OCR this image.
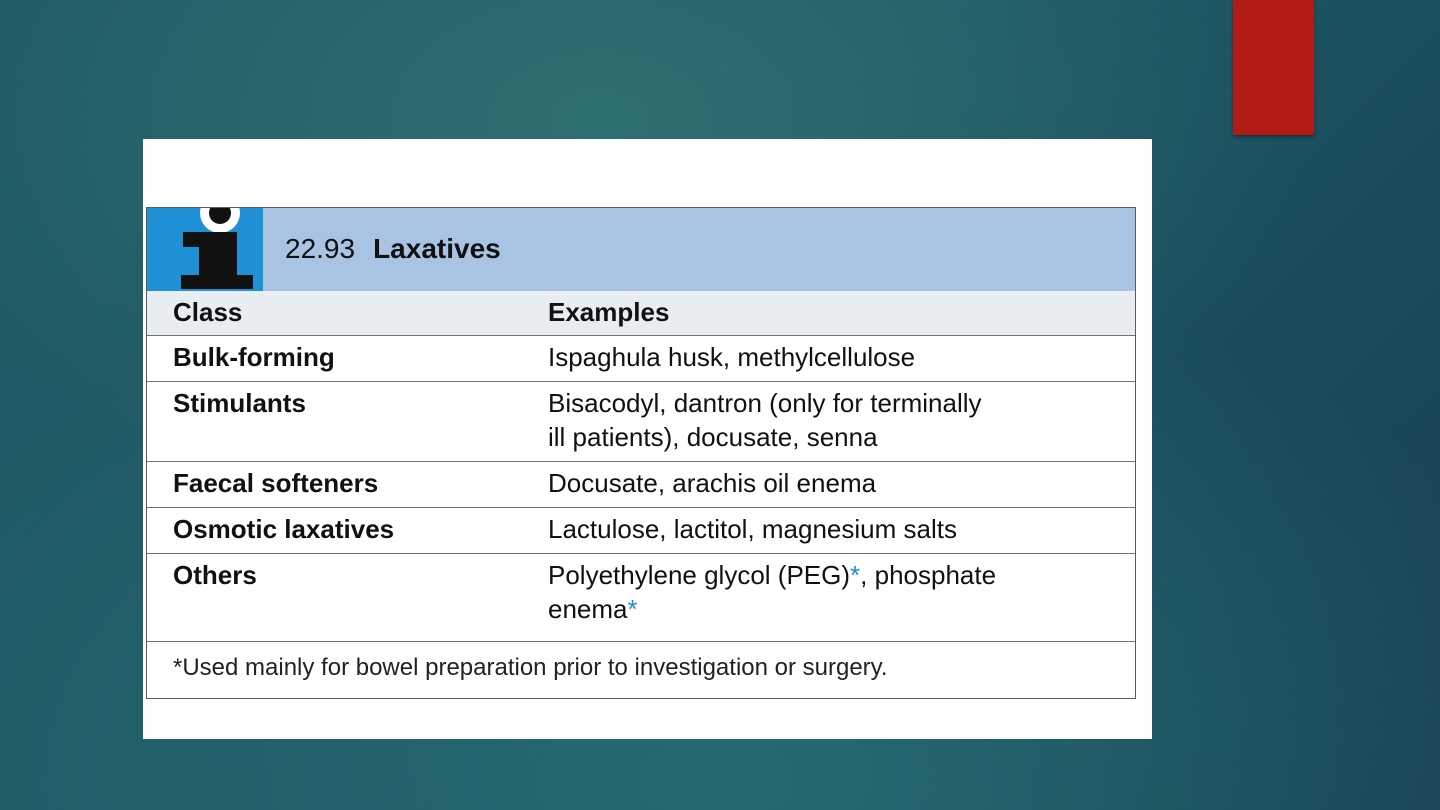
22.93 Laxatives
Class	Examples
Bulk-forming	Ispaghula husk, methylcellulose
Stimulants	Bisacodyl, dantron (only for terminally
ill patients), docusate, senna
Faecal softeners	Docusate, arachis oil enema
Osmotic laxatives	Lactulose, lactitol, magnesium salts
Others	Polyethylene glycol (PEG)*, phosphate
enema*
*Used mainly for bowel preparation prior to investigation or surgery.
